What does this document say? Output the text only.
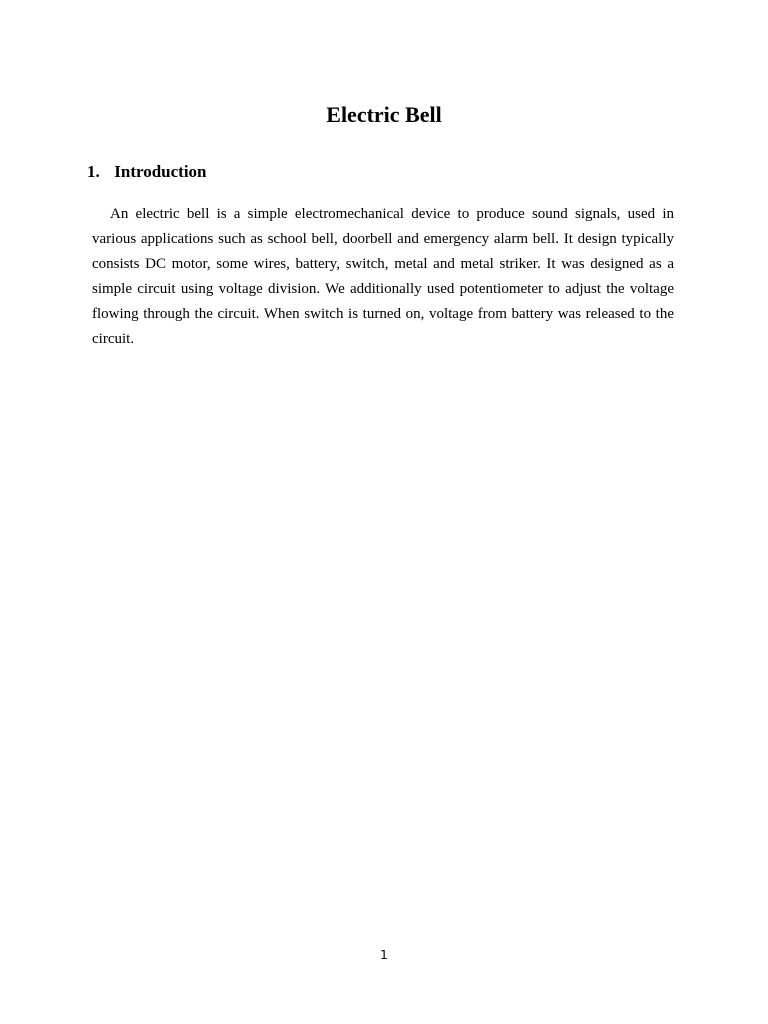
Electric Bell
1. Introduction

An electric bell is a simple electromechanical device to produce sound signals, used in various applications such as school bell, doorbell and emergency alarm bell. It design typically consists DC motor, some wires, battery, switch, metal and metal striker. It was designed as a simple circuit using voltage division. We additionally used potentiometer to adjust the voltage flowing through the circuit. When switch is turned on, voltage from battery was released to the circuit.

1
